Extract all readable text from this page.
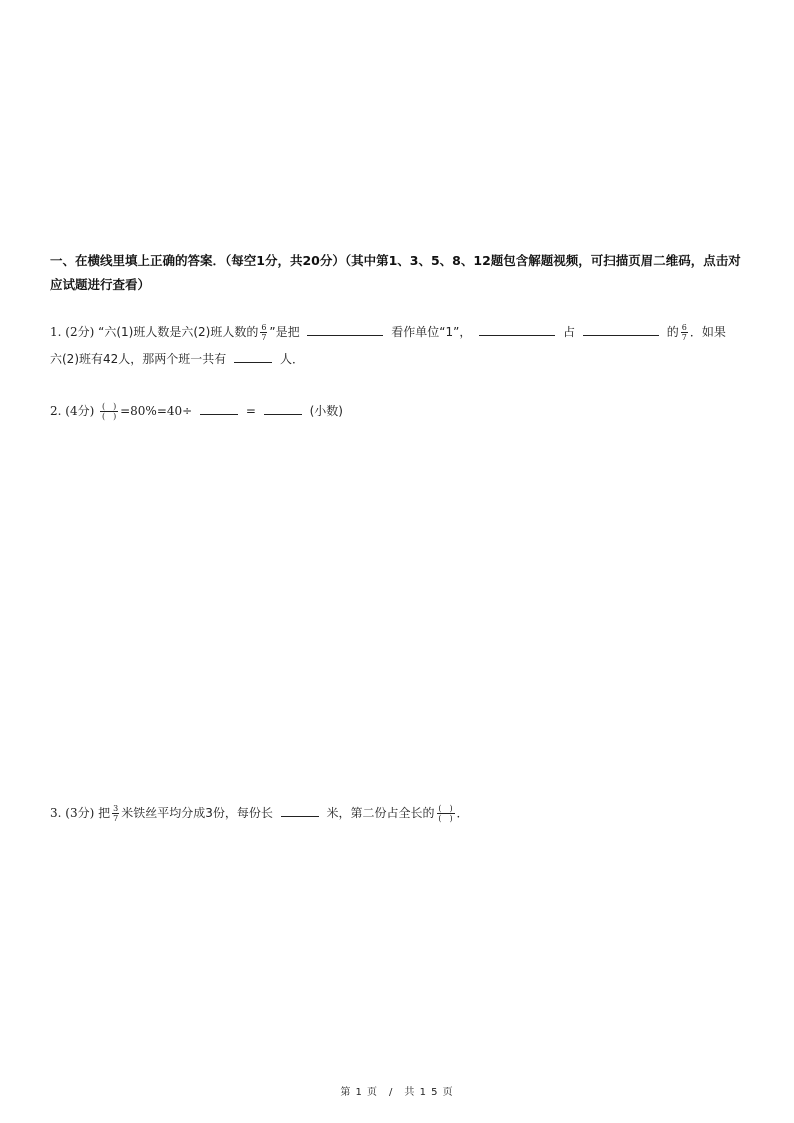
一、在横线里填上正确的答案．（每空1分，共20分）（其中第1、3、5、8、12题包含解题视频，可扫描页眉二维码，点击对应试题进行查看）
1. (2分) “六(1)班人数是六(2)班人数的 $\frac{6}{7}$ ”是把	看作单位“1”，	占	的 $\frac{6}{7}$ ．如果
六(2)班有42人，那两个班一共有	人．
2. (4分) $\frac{( )}{( )} =80\%=40\div$	=	(小数)
3. (3分) 把 $\frac{3}{7}$ 米铁丝平均分成3份，每份长	米，第二份占全长的 $\frac{( )}{( )}$ ．
第 1 页　/　共 1 5 页
